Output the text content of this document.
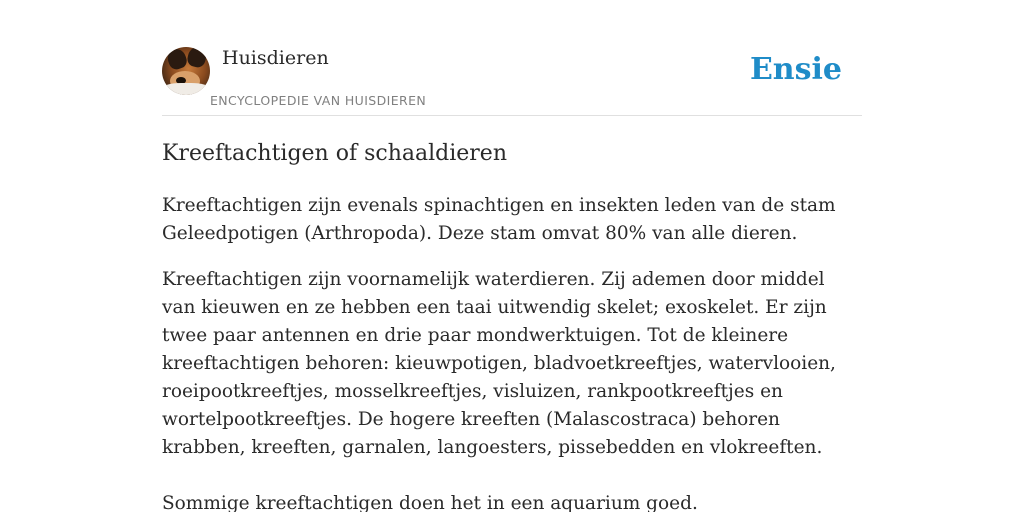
Huisdieren
ENCYCLOPEDIE VAN HUISDIEREN
Ensie
Kreeftachtigen of schaaldieren

Kreeftachtigen zijn evenals spinachtigen en insekten leden van de stam Geleedpotigen (Arthropoda). Deze stam omvat 80% van alle dieren.

Kreeftachtigen zijn voornamelijk waterdieren. Zij ademen door middel van kieuwen en ze hebben een taai uitwendig skelet; exoskelet. Er zijn twee paar antennen en drie paar mondwerktuigen. Tot de kleinere kreeftachtigen behoren: kieuwpotigen, bladvoetkreeftjes, watervlooien, roeipootkreeftjes, mosselkreeftjes, visluizen, rankpootkreeftjes en wortelpootkreeftjes. De hogere kreeften (Malascostraca) behoren krabben, kreeften, garnalen, langoesters, pissebedden en vlokreeften.

Sommige kreeftachtigen doen het in een aquarium goed.
